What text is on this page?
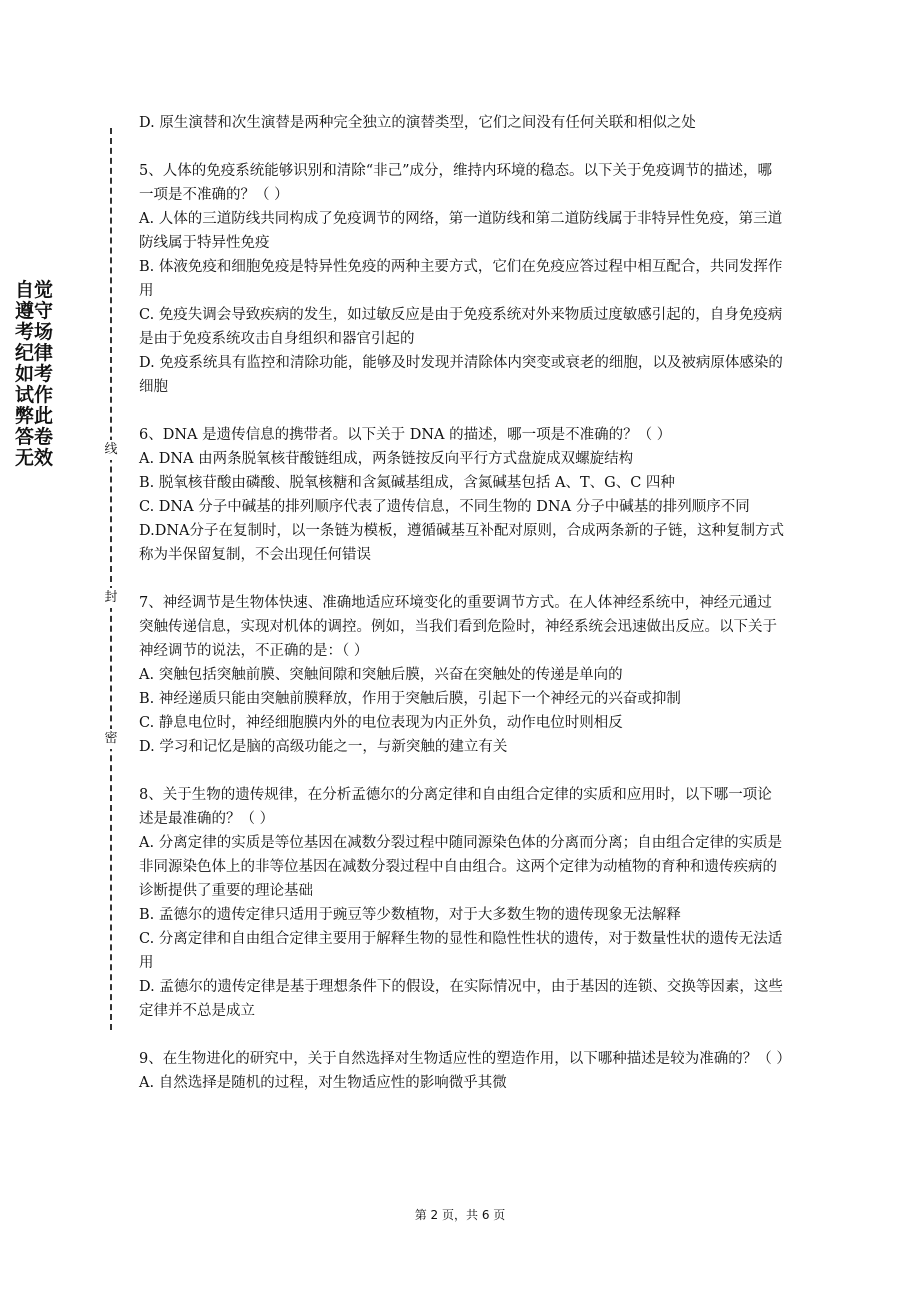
自觉遵守考场纪律如考试作弊此答卷无效	线
封
密

D. 原生演替和次生演替是两种完全独立的演替类型，它们之间没有任何关联和相似之处

5、人体的免疫系统能够识别和清除“非己”成分，维持内环境的稳态。以下关于免疫调节的描述，哪一项是不准确的？（ ）

A. 人体的三道防线共同构成了免疫调节的网络，第一道防线和第二道防线属于非特异性免疫，第三道防线属于特异性免疫

B. 体液免疫和细胞免疫是特异性免疫的两种主要方式，它们在免疫应答过程中相互配合，共同发挥作用

C. 免疫失调会导致疾病的发生，如过敏反应是由于免疫系统对外来物质过度敏感引起的，自身免疫病是由于免疫系统攻击自身组织和器官引起的

D. 免疫系统具有监控和清除功能，能够及时发现并清除体内突变或衰老的细胞，以及被病原体感染的细胞

6、DNA 是遗传信息的携带者。以下关于 DNA 的描述，哪一项是不准确的？（ ）

A. DNA 由两条脱氧核苷酸链组成，两条链按反向平行方式盘旋成双螺旋结构

B. 脱氧核苷酸由磷酸、脱氧核糖和含氮碱基组成，含氮碱基包括 A、T、G、C 四种

C. DNA 分子中碱基的排列顺序代表了遗传信息，不同生物的 DNA 分子中碱基的排列顺序不同

D.DNA分子在复制时，以一条链为模板，遵循碱基互补配对原则，合成两条新的子链，这种复制方式称为半保留复制，不会出现任何错误

7、神经调节是生物体快速、准确地适应环境变化的重要调节方式。在人体神经系统中，神经元通过突触传递信息，实现对机体的调控。例如，当我们看到危险时，神经系统会迅速做出反应。以下关于神经调节的说法，不正确的是：（ ）

A. 突触包括突触前膜、突触间隙和突触后膜，兴奋在突触处的传递是单向的

B. 神经递质只能由突触前膜释放，作用于突触后膜，引起下一个神经元的兴奋或抑制

C. 静息电位时，神经细胞膜内外的电位表现为内正外负，动作电位时则相反

D. 学习和记忆是脑的高级功能之一，与新突触的建立有关

8、关于生物的遗传规律，在分析孟德尔的分离定律和自由组合定律的实质和应用时，以下哪一项论述是最准确的？（ ）

A. 分离定律的实质是等位基因在减数分裂过程中随同源染色体的分离而分离；自由组合定律的实质是非同源染色体上的非等位基因在减数分裂过程中自由组合。这两个定律为动植物的育种和遗传疾病的诊断提供了重要的理论基础

B. 孟德尔的遗传定律只适用于豌豆等少数植物，对于大多数生物的遗传现象无法解释

C. 分离定律和自由组合定律主要用于解释生物的显性和隐性性状的遗传，对于数量性状的遗传无法适用

D. 孟德尔的遗传定律是基于理想条件下的假设，在实际情况中，由于基因的连锁、交换等因素，这些定律并不总是成立

9、在生物进化的研究中，关于自然选择对生物适应性的塑造作用，以下哪种描述是较为准确的？（ ）

A. 自然选择是随机的过程，对生物适应性的影响微乎其微

第 2 页，共 6 页
